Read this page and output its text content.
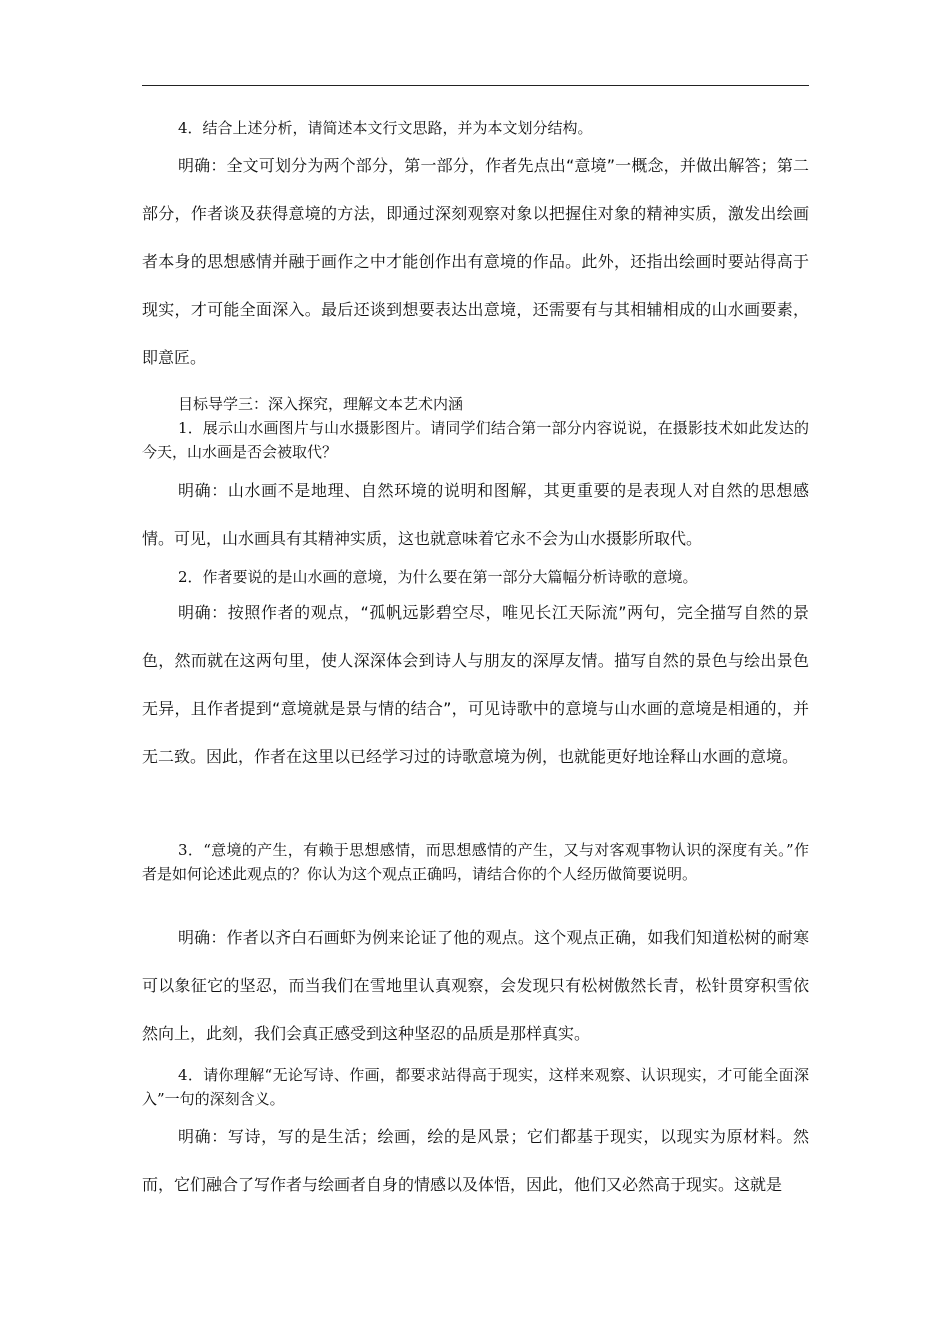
4．结合上述分析，请简述本文行文思路，并为本文划分结构。

明确：全文可划分为两个部分，第一部分，作者先点出“意境”一概念，并做出解答；第二部分，作者谈及获得意境的方法，即通过深刻观察对象以把握住对象的精神实质，激发出绘画者本身的思想感情并融于画作之中才能创作出有意境的作品。此外，还指出绘画时要站得高于现实，才可能全面深入。最后还谈到想要表达出意境，还需要有与其相辅相成的山水画要素，即意匠。

目标导学三：深入探究，理解文本艺术内涵

1．展示山水画图片与山水摄影图片。请同学们结合第一部分内容说说，在摄影技术如此发达的今天，山水画是否会被取代？

明确：山水画不是地理、自然环境的说明和图解，其更重要的是表现人对自然的思想感情。可见，山水画具有其精神实质，这也就意味着它永不会为山水摄影所取代。

2．作者要说的是山水画的意境，为什么要在第一部分大篇幅分析诗歌的意境。

明确：按照作者的观点，“孤帆远影碧空尽，唯见长江天际流”两句，完全描写自然的景色，然而就在这两句里，使人深深体会到诗人与朋友的深厚友情。描写自然的景色与绘出景色无异，且作者提到“意境就是景与情的结合”，可见诗歌中的意境与山水画的意境是相通的，并无二致。因此，作者在这里以已经学习过的诗歌意境为例，也就能更好地诠释山水画的意境。

3．“意境的产生，有赖于思想感情，而思想感情的产生，又与对客观事物认识的深度有关。”作者是如何论述此观点的？你认为这个观点正确吗，请结合你的个人经历做简要说明。

明确：作者以齐白石画虾为例来论证了他的观点。这个观点正确，如我们知道松树的耐寒可以象征它的坚忍，而当我们在雪地里认真观察，会发现只有松树傲然长青，松针贯穿积雪依然向上，此刻，我们会真正感受到这种坚忍的品质是那样真实。

4．请你理解“无论写诗、作画，都要求站得高于现实，这样来观察、认识现实，才可能全面深入”一句的深刻含义。

明确：写诗，写的是生活；绘画，绘的是风景；它们都基于现实，以现实为原材料。然而，它们融合了写作者与绘画者自身的情感以及体悟，因此，他们又必然高于现实。这就是
